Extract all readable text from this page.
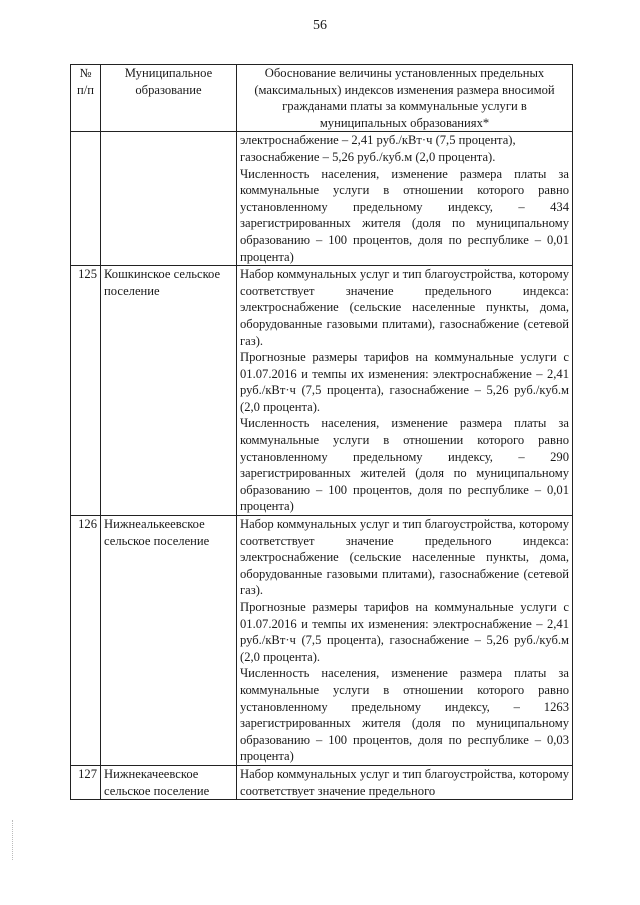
56
№ п/п	Муниципальное образование	Обоснование величины установленных предельных (максимальных) индексов изменения размера вносимой гражданами платы за коммунальные услуги в муниципальных образованиях*

		электроснабжение – 2,41 руб./кВт·ч (7,5 процента),
газоснабжение – 5,26 руб./куб.м (2,0 процента).
Численность населения, изменение размера платы за коммунальные услуги в отношении которого равно установленному предельному индексу, – 434 зарегистрированных жителя (доля по муниципальному образованию – 100 процентов, доля по республике – 0,01 процента)

125	Кошкинское сельское поселение	Набор коммунальных услуг и тип благоустройства, которому соответствует значение предельного индекса: электроснабжение (сельские населенные пункты, дома, оборудованные газовыми плитами), газоснабжение (сетевой газ).
Прогнозные размеры тарифов на коммунальные услуги с 01.07.2016 и темпы их изменения: электроснабжение – 2,41 руб./кВт·ч (7,5 процента), газоснабжение – 5,26 руб./куб.м (2,0 процента).
Численность населения, изменение размера платы за коммунальные услуги в отношении которого равно установленному предельному индексу, – 290 зарегистрированных жителей (доля по муниципальному образованию – 100 процентов, доля по республике – 0,01 процента)

126	Нижнеалькеевское сельское поселение	Набор коммунальных услуг и тип благоустройства, которому соответствует значение предельного индекса: электроснабжение (сельские населенные пункты, дома, оборудованные газовыми плитами), газоснабжение (сетевой газ).
Прогнозные размеры тарифов на коммунальные услуги с 01.07.2016 и темпы их изменения: электроснабжение – 2,41 руб./кВт·ч (7,5 процента), газоснабжение – 5,26 руб./куб.м (2,0 процента).
Численность населения, изменение размера платы за коммунальные услуги в отношении которого равно установленному предельному индексу, – 1263 зарегистрированных жителя (доля по муниципальному образованию – 100 процентов, доля по республике – 0,03 процента)

127	Нижнекачеевское сельское поселение	Набор коммунальных услуг и тип благоустройства, которому соответствует значение предельного
